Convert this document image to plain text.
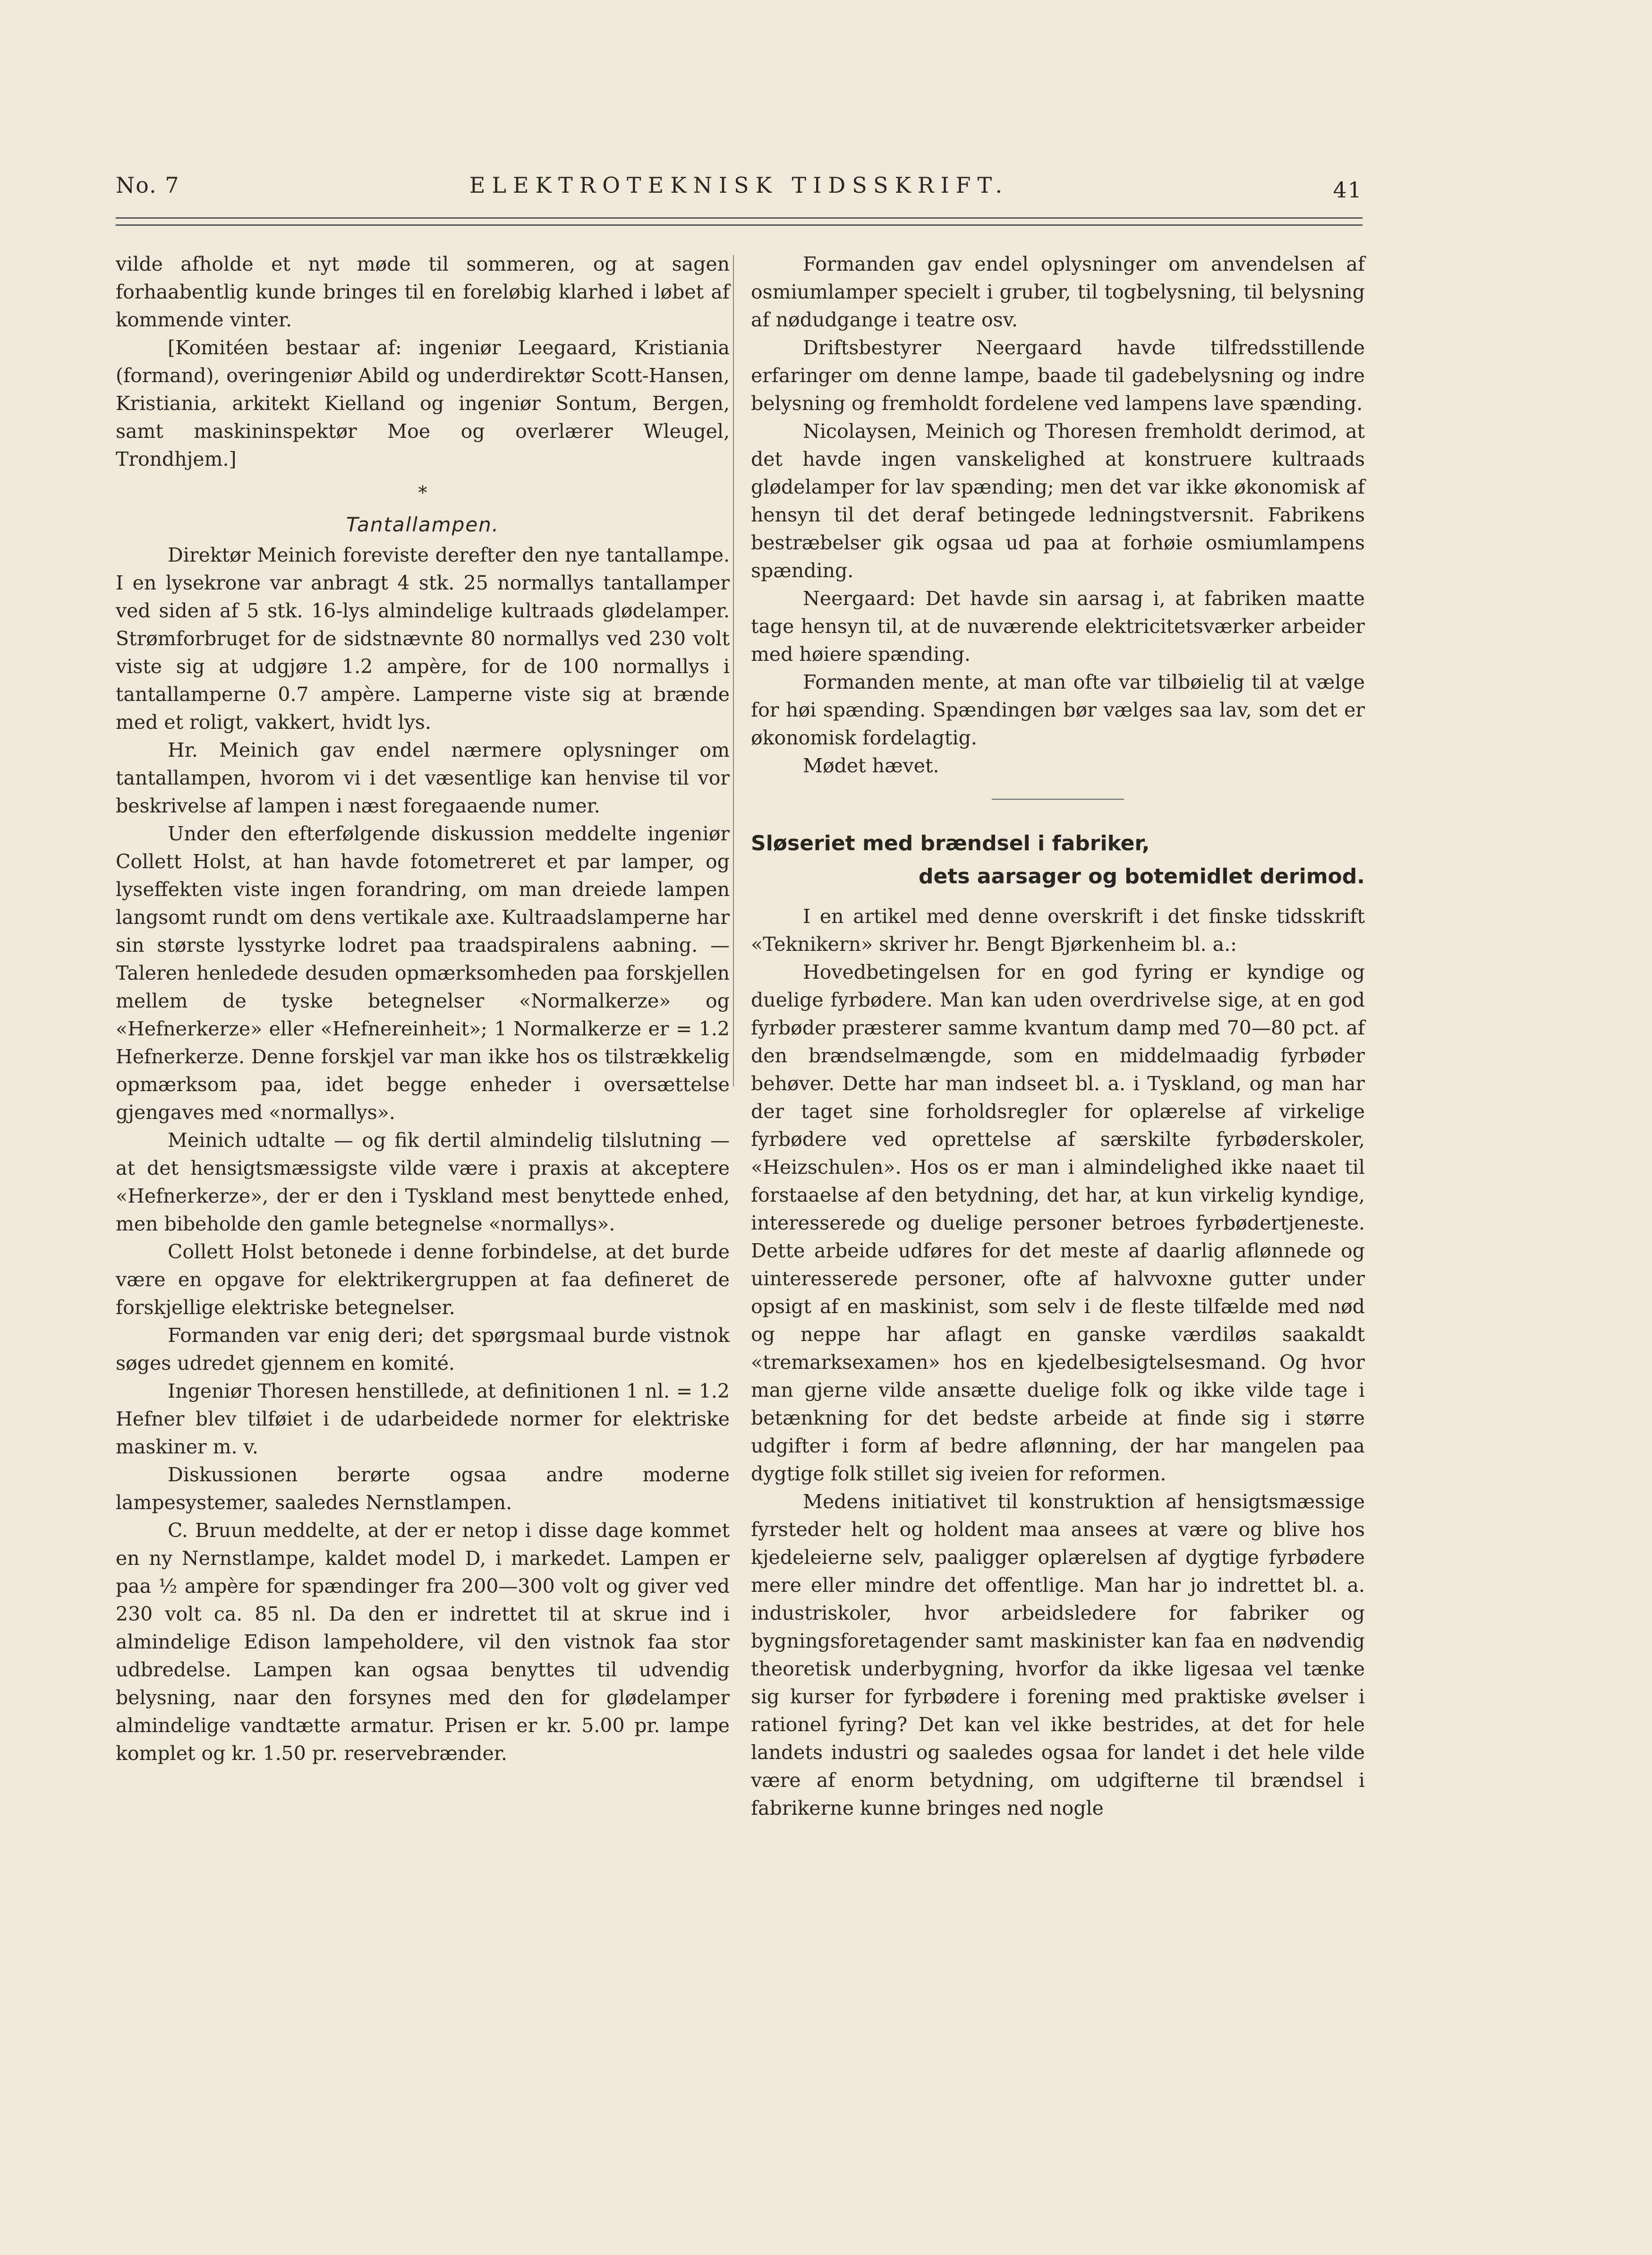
No. 7	ELEKTROTEKNISK TIDSSKRIFT.	41

vilde afholde et nyt møde til sommeren, og at sagen forhaabentlig kunde bringes til en foreløbig klarhed i løbet af kommende vinter.

[Komitéen bestaar af: ingeniør Leegaard, Kristiania (formand), overingeniør Abild og underdirektør Scott-Hansen, Kristiania, arkitekt Kielland og ingeniør Sontum, Bergen, samt maskininspektør Moe og overlærer Wleugel, Trondhjem.]

*
Tantallampen.

Direktør Meinich foreviste derefter den nye tantallampe. I en lysekrone var anbragt 4 stk. 25 normallys tantallamper ved siden af 5 stk. 16-lys almindelige kultraads glødelamper. Strømforbruget for de sidstnævnte 80 normallys ved 230 volt viste sig at udgjøre 1.2 ampère, for de 100 normallys i tantallamperne 0.7 ampère. Lamperne viste sig at brænde med et roligt, vakkert, hvidt lys.

Hr. Meinich gav endel nærmere oplysninger om tantallampen, hvorom vi i det væsentlige kan henvise til vor beskrivelse af lampen i næst foregaaende numer.

Under den efterfølgende diskussion meddelte ingeniør Collett Holst, at han havde fotometreret et par lamper, og lyseffekten viste ingen forandring, om man dreiede lampen langsomt rundt om dens vertikale axe. Kultraadslamperne har sin største lysstyrke lodret paa traadspiralens aabning. — Taleren henledede desuden opmærksomheden paa forskjellen mellem de tyske betegnelser «Normalkerze» og «Hefnerkerze» eller «Hefnereinheit»; 1 Normalkerze er = 1.2 Hefnerkerze. Denne forskjel var man ikke hos os tilstrækkelig opmærksom paa, idet begge enheder i oversættelse gjengaves med «normallys».

Meinich udtalte — og fik dertil almindelig tilslutning — at det hensigtsmæssigste vilde være i praxis at akceptere «Hefnerkerze», der er den i Tyskland mest benyttede enhed, men bibeholde den gamle betegnelse «normallys».

Collett Holst betonede i denne forbindelse, at det burde være en opgave for elektrikergruppen at faa defineret de forskjellige elektriske betegnelser.

Formanden var enig deri; det spørgsmaal burde vistnok søges udredet gjennem en komité.

Ingeniør Thoresen henstillede, at definitionen 1 nl. = 1.2 Hefner blev tilføiet i de udarbeidede normer for elektriske maskiner m. v.

Diskussionen berørte ogsaa andre moderne lampesystemer, saaledes Nernstlampen.

C. Bruun meddelte, at der er netop i disse dage kommet en ny Nernstlampe, kaldet model D, i markedet. Lampen er paa ½ ampère for spændinger fra 200—300 volt og giver ved 230 volt ca. 85 nl. Da den er indrettet til at skrue ind i almindelige Edison lampeholdere, vil den vistnok faa stor udbredelse. Lampen kan ogsaa benyttes til udvendig belysning, naar den forsynes med den for glødelamper almindelige vandtætte armatur. Prisen er kr. 5.00 pr. lampe komplet og kr. 1.50 pr. reservebrænder.

Formanden gav endel oplysninger om anvendelsen af osmiumlamper specielt i gruber, til togbelysning, til belysning af nødudgange i teatre osv.

Driftsbestyrer Neergaard havde tilfredsstillende erfaringer om denne lampe, baade til gadebelysning og indre belysning og fremholdt fordelene ved lampens lave spænding.

Nicolaysen, Meinich og Thoresen fremholdt derimod, at det havde ingen vanskelighed at konstruere kultraads glødelamper for lav spænding; men det var ikke økonomisk af hensyn til det deraf betingede ledningstversnit. Fabrikens bestræbelser gik ogsaa ud paa at forhøie osmiumlampens spænding.

Neergaard: Det havde sin aarsag i, at fabriken maatte tage hensyn til, at de nuværende elektricitetsværker arbeider med høiere spænding.

Formanden mente, at man ofte var tilbøielig til at vælge for høi spænding. Spændingen bør vælges saa lav, som det er økonomisk fordelagtig.

Mødet hævet.

Sløseriet med brændsel i fabriker,
dets aarsager og botemidlet derimod.

I en artikel med denne overskrift i det finske tidsskrift «Teknikern» skriver hr. Bengt Bjørkenheim bl. a.:

Hovedbetingelsen for en god fyring er kyndige og duelige fyrbødere. Man kan uden overdrivelse sige, at en god fyrbøder præsterer samme kvantum damp med 70—80 pct. af den brændselmængde, som en middelmaadig fyrbøder behøver. Dette har man indseet bl. a. i Tyskland, og man har der taget sine forholdsregler for oplærelse af virkelige fyrbødere ved oprettelse af særskilte fyrbøderskoler, «Heizschulen». Hos os er man i almindelighed ikke naaet til forstaaelse af den betydning, det har, at kun virkelig kyndige, interesserede og duelige personer betroes fyrbødertjeneste. Dette arbeide udføres for det meste af daarlig aflønnede og uinteresserede personer, ofte af halvvoxne gutter under opsigt af en maskinist, som selv i de fleste tilfælde med nød og neppe har aflagt en ganske værdiløs saakaldt «tremarksexamen» hos en kjedelbesigtelsesmand. Og hvor man gjerne vilde ansætte duelige folk og ikke vilde tage i betænkning for det bedste arbeide at finde sig i større udgifter i form af bedre aflønning, der har mangelen paa dygtige folk stillet sig iveien for reformen.

Medens initiativet til konstruktion af hensigtsmæssige fyrsteder helt og holdent maa ansees at være og blive hos kjedeleierne selv, paaligger oplærelsen af dygtige fyrbødere mere eller mindre det offentlige. Man har jo indrettet bl. a. industriskoler, hvor arbeidsledere for fabriker og bygningsforetagender samt maskinister kan faa en nødvendig theoretisk underbygning, hvorfor da ikke ligesaa vel tænke sig kurser for fyrbødere i forening med praktiske øvelser i rationel fyring? Det kan vel ikke bestrides, at det for hele landets industri og saaledes ogsaa for landet i det hele vilde være af enorm betydning, om udgifterne til brændsel i fabrikerne kunne bringes ned nogle
